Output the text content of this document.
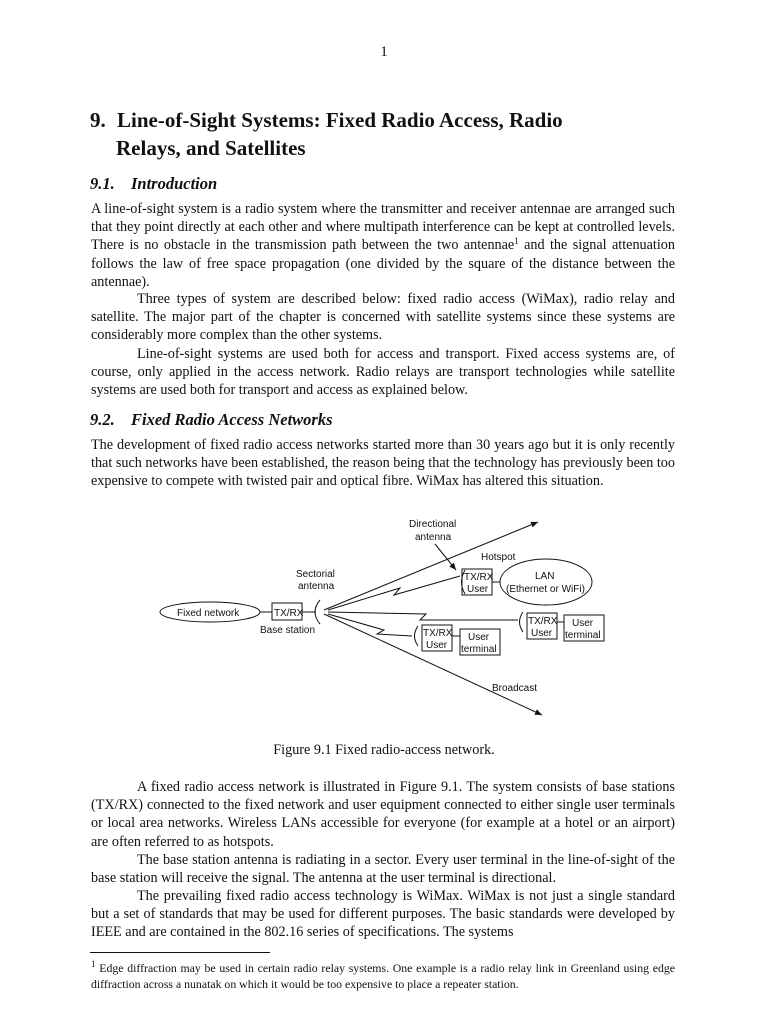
1
9. Line-of-Sight Systems: Fixed Radio Access, Radio
Relays, and Satellites
9.1. Introduction

A line-of-sight system is a radio system where the transmitter and receiver antennae are arranged such that they point directly at each other and where multipath interference can be kept at controlled levels. There is no obstacle in the transmission path between the two antennae$^1$ and the signal attenuation follows the law of free space propagation (one divided by the square of the distance between the antennae).

Three types of system are described below: fixed radio access (WiMax), radio relay and satellite. The major part of the chapter is concerned with satellite systems since these systems are considerably more complex than the other systems.

Line-of-sight systems are used both for access and transport. Fixed access systems are, of course, only applied in the access network. Radio relays are transport technologies while satellite systems are used both for transport and access as explained below.

9.2. Fixed Radio Access Networks

The development of fixed radio access networks started more than 30 years ago but it is only recently that such networks have been established, the reason being that the technology has previously been too expensive to compete with twisted pair and optical fibre. WiMax has altered this situation.

Fixed network	TX/RX
Base station
Sectorial
antenna
Directional
antenna
Broadcast
Hotspot
TX/RX
User
LAN
(Ethernet or WiFi)
TX/RX
User
User
terminal
TX/RX
User
User
terminal
Figure 9.1 Fixed radio-access network.

A fixed radio access network is illustrated in Figure 9.1. The system consists of base stations (TX/RX) connected to the fixed network and user equipment connected to either single user terminals or local area networks. Wireless LANs accessible for everyone (for example at a hotel or an airport) are often referred to as hotspots.

The base station antenna is radiating in a sector. Every user terminal in the line-of-sight of the base station will receive the signal. The antenna at the user terminal is directional.

The prevailing fixed radio access technology is WiMax. WiMax is not just a single standard but a set of standards that may be used for different purposes. The basic standards were developed by IEEE and are contained in the 802.16 series of specifications. The systems

$^1$ Edge diffraction may be used in certain radio relay systems. One example is a radio relay link in Greenland using edge diffraction across a nunatak on which it would be too expensive to place a repeater station.
